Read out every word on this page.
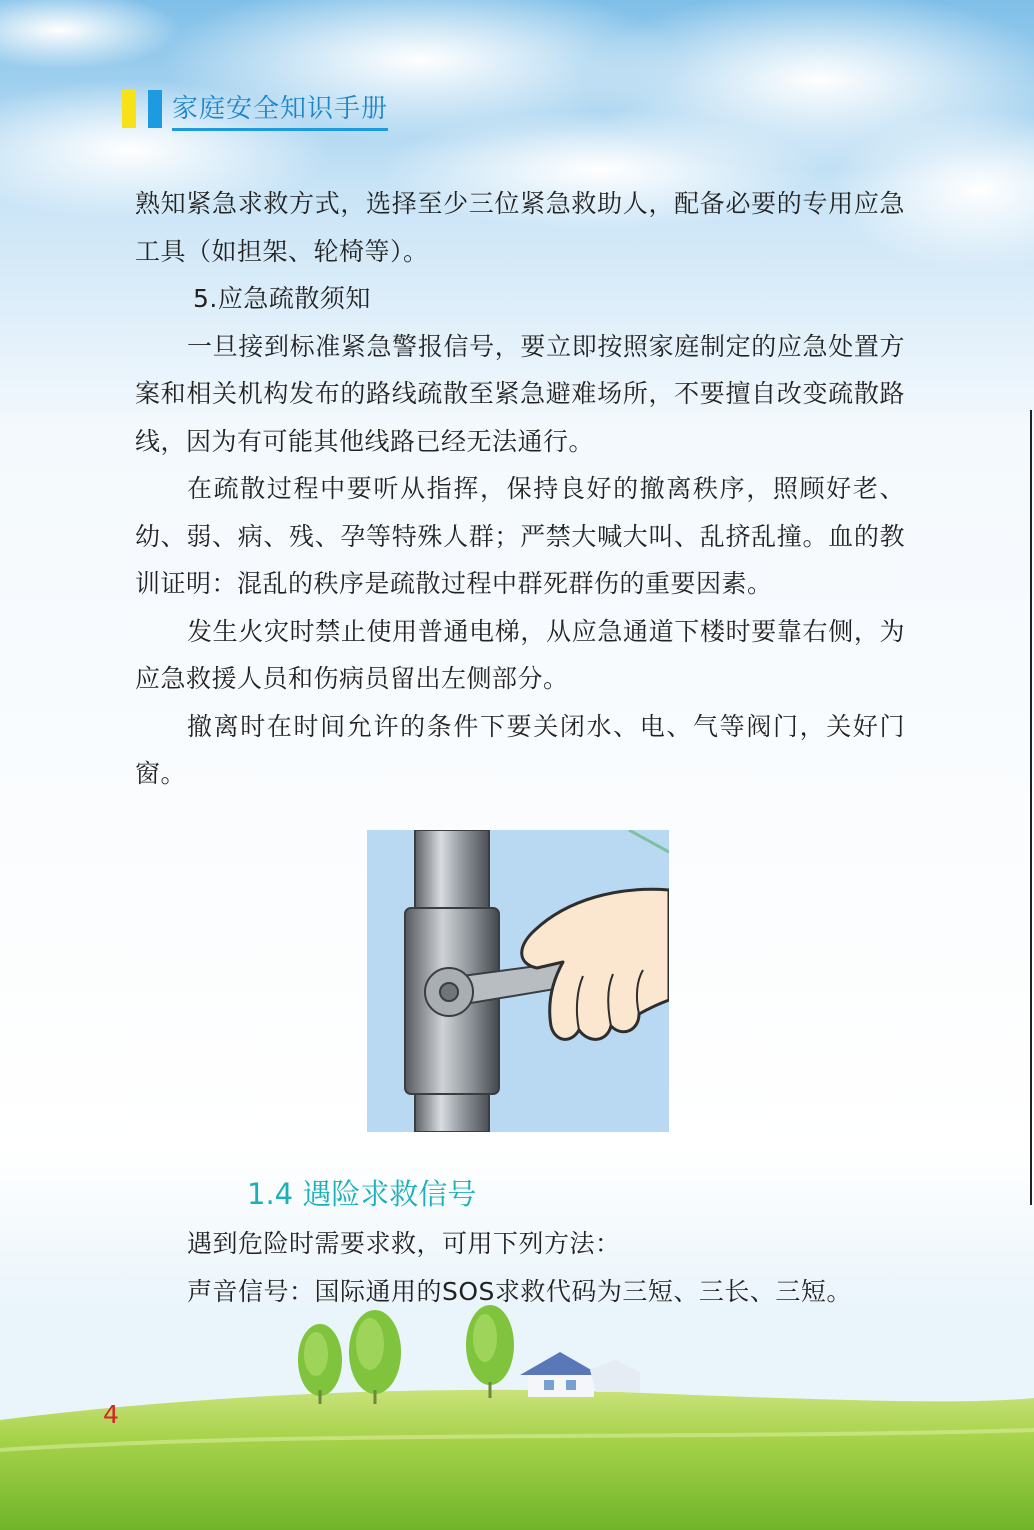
家庭安全知识手册

熟知紧急求救方式，选择至少三位紧急救助人，配备必要的专用应急工具（如担架、轮椅等）。

5.应急疏散须知

一旦接到标准紧急警报信号，要立即按照家庭制定的应急处置方案和相关机构发布的路线疏散至紧急避难场所，不要擅自改变疏散路线，因为有可能其他线路已经无法通行。

在疏散过程中要听从指挥，保持良好的撤离秩序，照顾好老、幼、弱、病、残、孕等特殊人群；严禁大喊大叫、乱挤乱撞。血的教训证明：混乱的秩序是疏散过程中群死群伤的重要因素。

发生火灾时禁止使用普通电梯，从应急通道下楼时要靠右侧，为应急救援人员和伤病员留出左侧部分。

撤离时在时间允许的条件下要关闭水、电、气等阀门，关好门窗。

1.4 遇险求救信号

遇到危险时需要求救，可用下列方法：

声音信号：国际通用的SOS求救代码为三短、三长、三短。

4
